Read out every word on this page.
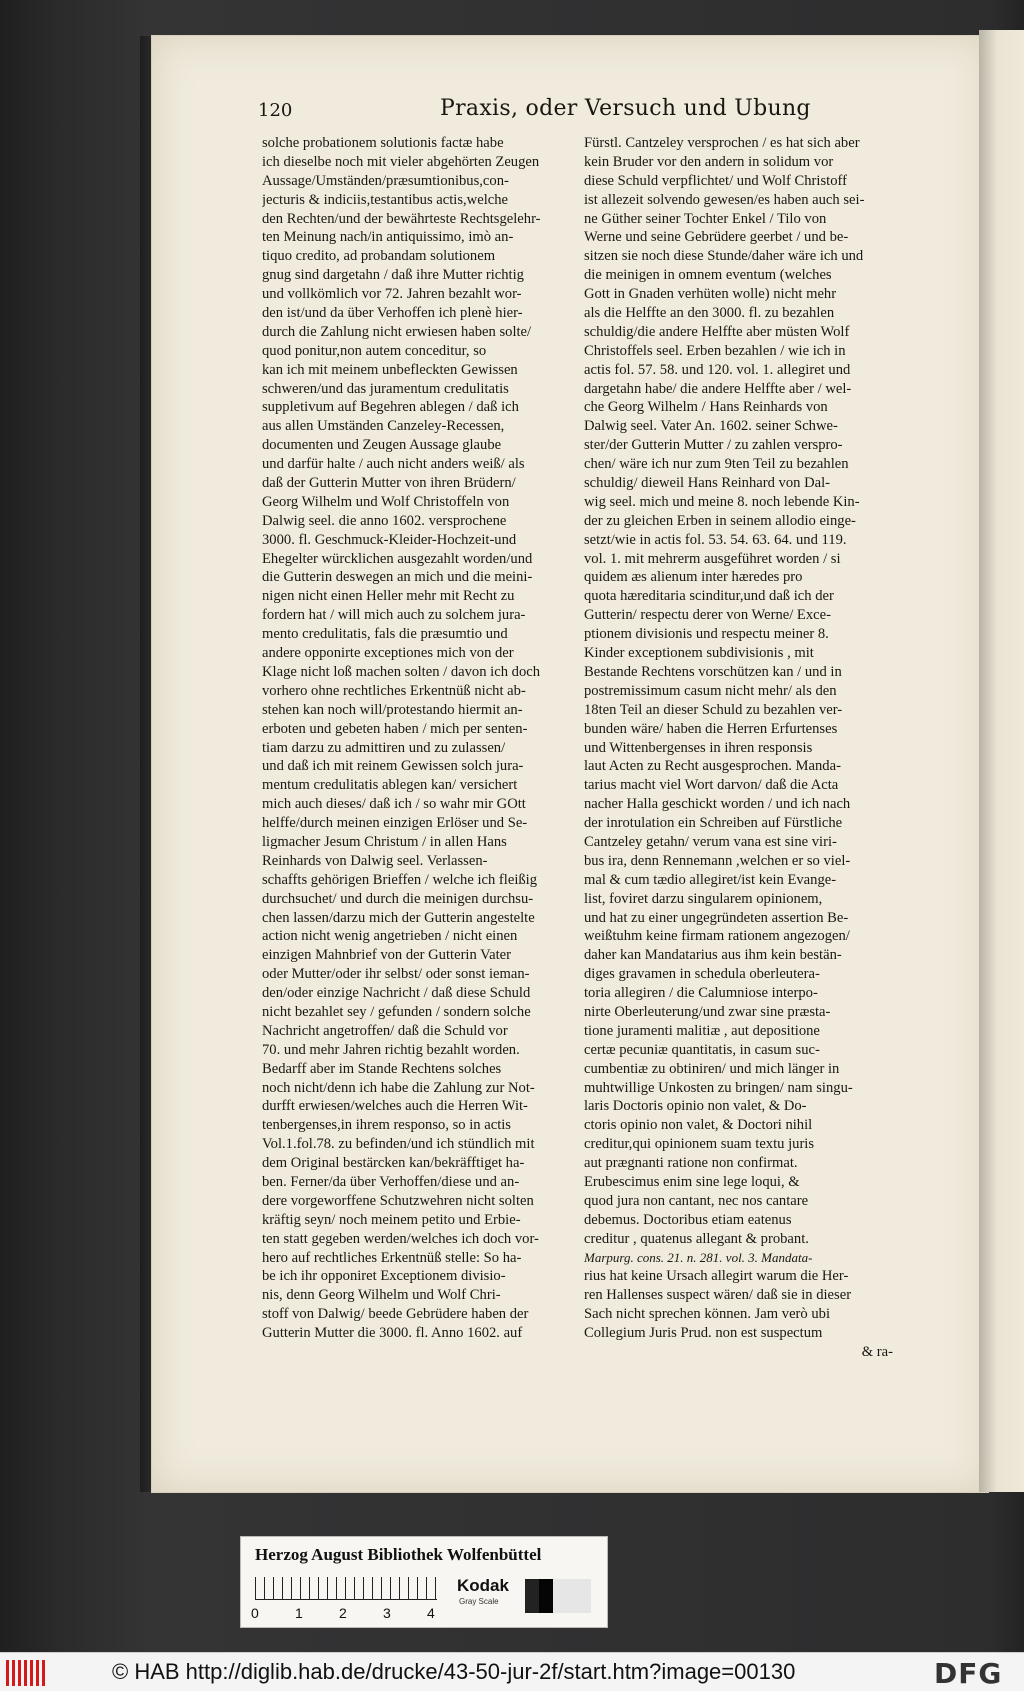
120	Praxis, oder Versuch und Ubung
solche probationem solutionis factæ habe
ich dieselbe noch mit vieler abgehörten Zeugen
Aussage/Umständen/præsumtionibus,con-
jecturis & indiciis,testantibus actis,welche
den Rechten/und der bewährteste Rechtsgelehr-
ten Meinung nach/in antiquissimo, imò an-
tiquo credito, ad probandam solutionem
gnug sind dargetahn / daß ihre Mutter richtig
und vollkömlich vor 72. Jahren bezahlt wor-
den ist/und da über Verhoffen ich plenè hier-
durch die Zahlung nicht erwiesen haben solte/
quod ponitur,non autem conceditur, so
kan ich mit meinem unbefleckten Gewissen
schweren/und das juramentum credulitatis
suppletivum auf Begehren ablegen / daß ich
aus allen Umständen Canzeley-Recessen,
documenten und Zeugen Aussage glaube
und darfür halte / auch nicht anders weiß/ als
daß der Gutterin Mutter von ihren Brüdern/
Georg Wilhelm und Wolf Christoffeln von
Dalwig seel. die anno 1602. versprochene
3000. fl. Geschmuck-Kleider-Hochzeit-und
Ehegelter würcklichen ausgezahlt worden/und
die Gutterin deswegen an mich und die meini-
nigen nicht einen Heller mehr mit Recht zu
fordern hat / will mich auch zu solchem jura-
mento credulitatis, fals die præsumtio und
andere opponirte exceptiones mich von der
Klage nicht loß machen solten / davon ich doch
vorhero ohne rechtliches Erkentnüß nicht ab-
stehen kan noch will/protestando hiermit an-
erboten und gebeten haben / mich per senten-
tiam darzu zu admittiren und zu zulassen/
und daß ich mit reinem Gewissen solch jura-
mentum credulitatis ablegen kan/ versichert
mich auch dieses/ daß ich / so wahr mir GOtt
helffe/durch meinen einzigen Erlöser und Se-
ligmacher Jesum Christum / in allen Hans
Reinhards von Dalwig seel. Verlassen-
schaffts gehörigen Brieffen / welche ich fleißig
durchsuchet/ und durch die meinigen durchsu-
chen lassen/darzu mich der Gutterin angestelte
action nicht wenig angetrieben / nicht einen
einzigen Mahnbrief von der Gutterin Vater
oder Mutter/oder ihr selbst/ oder sonst ieman-
den/oder einzige Nachricht / daß diese Schuld
nicht bezahlet sey / gefunden / sondern solche
Nachricht angetroffen/ daß die Schuld vor
70. und mehr Jahren richtig bezahlt worden.
Bedarff aber im Stande Rechtens solches
noch nicht/denn ich habe die Zahlung zur Not-
durfft erwiesen/welches auch die Herren Wit-
tenbergenses,in ihrem responso, so in actis
Vol.1.fol.78. zu befinden/und ich stündlich mit
dem Original bestärcken kan/bekräfftiget ha-
ben. Ferner/da über Verhoffen/diese und an-
dere vorgeworffene Schutzwehren nicht solten
kräftig seyn/ noch meinem petito und Erbie-
ten statt gegeben werden/welches ich doch vor-
hero auf rechtliches Erkentnüß stelle: So ha-
be ich ihr opponiret Exceptionem divisio-
nis, denn Georg Wilhelm und Wolf Chri-
stoff von Dalwig/ beede Gebrüdere haben der
Gutterin Mutter die 3000. fl. Anno 1602. auf
Fürstl. Cantzeley versprochen / es hat sich aber
kein Bruder vor den andern in solidum vor
diese Schuld verpflichtet/ und Wolf Christoff
ist allezeit solvendo gewesen/es haben auch sei-
ne Güther seiner Tochter Enkel / Tilo von
Werne und seine Gebrüdere geerbet / und be-
sitzen sie noch diese Stunde/daher wäre ich und
die meinigen in omnem eventum (welches
Gott in Gnaden verhüten wolle) nicht mehr
als die Helffte an den 3000. fl. zu bezahlen
schuldig/die andere Helffte aber müsten Wolf
Christoffels seel. Erben bezahlen / wie ich in
actis fol. 57. 58. und 120. vol. 1. allegiret und
dargetahn habe/ die andere Helffte aber / wel-
che Georg Wilhelm / Hans Reinhards von
Dalwig seel. Vater An. 1602. seiner Schwe-
ster/der Gutterin Mutter / zu zahlen verspro-
chen/ wäre ich nur zum 9ten Teil zu bezahlen
schuldig/ dieweil Hans Reinhard von Dal-
wig seel. mich und meine 8. noch lebende Kin-
der zu gleichen Erben in seinem allodio einge-
setzt/wie in actis fol. 53. 54. 63. 64. und 119.
vol. 1. mit mehrerm ausgeführet worden / si
quidem æs alienum inter hæredes pro
quota hæreditaria scinditur,und daß ich der
Gutterin/ respectu derer von Werne/ Exce-
ptionem divisionis und respectu meiner 8.
Kinder exceptionem subdivisionis , mit
Bestande Rechtens vorschützen kan / und in
postremissimum casum nicht mehr/ als den
18ten Teil an dieser Schuld zu bezahlen ver-
bunden wäre/ haben die Herren Erfurtenses
und Wittenbergenses in ihren responsis
laut Acten zu Recht ausgesprochen. Manda-
tarius macht viel Wort darvon/ daß die Acta
nacher Halla geschickt worden / und ich nach
der inrotulation ein Schreiben auf Fürstliche
Cantzeley getahn/ verum vana est sine viri-
bus ira, denn Rennemann ,welchen er so viel-
mal & cum tædio allegiret/ist kein Evange-
list, foviret darzu singularem opinionem,
und hat zu einer ungegründeten assertion Be-
weißtuhm keine firmam rationem angezogen/
daher kan Mandatarius aus ihm kein bestän-
diges gravamen in schedula oberleutera-
toria allegiren / die Calumniose interpo-
nirte Oberleuterung/und zwar sine præsta-
tione juramenti malitiæ , aut depositione
certæ pecuniæ quantitatis, in casum suc-
cumbentiæ zu obtiniren/ und mich länger in
muhtwillige Unkosten zu bringen/ nam singu-
laris Doctoris opinio non valet, & Do-
ctoris opinio non valet, & Doctori nihil
creditur,qui opinionem suam textu juris
aut prægnanti ratione non confirmat.
Erubescimus enim sine lege loqui, &
quod jura non cantant, nec nos cantare
debemus. Doctoribus etiam eatenus
creditur , quatenus allegant & probant.
Marpurg. cons. 21. n. 281. vol. 3. Mandata-
rius hat keine Ursach allegirt warum die Her-
ren Hallenses suspect wären/ daß sie in dieser
Sach nicht sprechen können. Jam verò ubi
Collegium Juris Prud. non est suspectum
& ra-
Herzog August Bibliothek Wolfenbüttel
0	1	2	3	4
Kodak
Gray Scale
© HAB http://diglib.hab.de/drucke/43-50-jur-2f/start.htm?image=00130	DFG
